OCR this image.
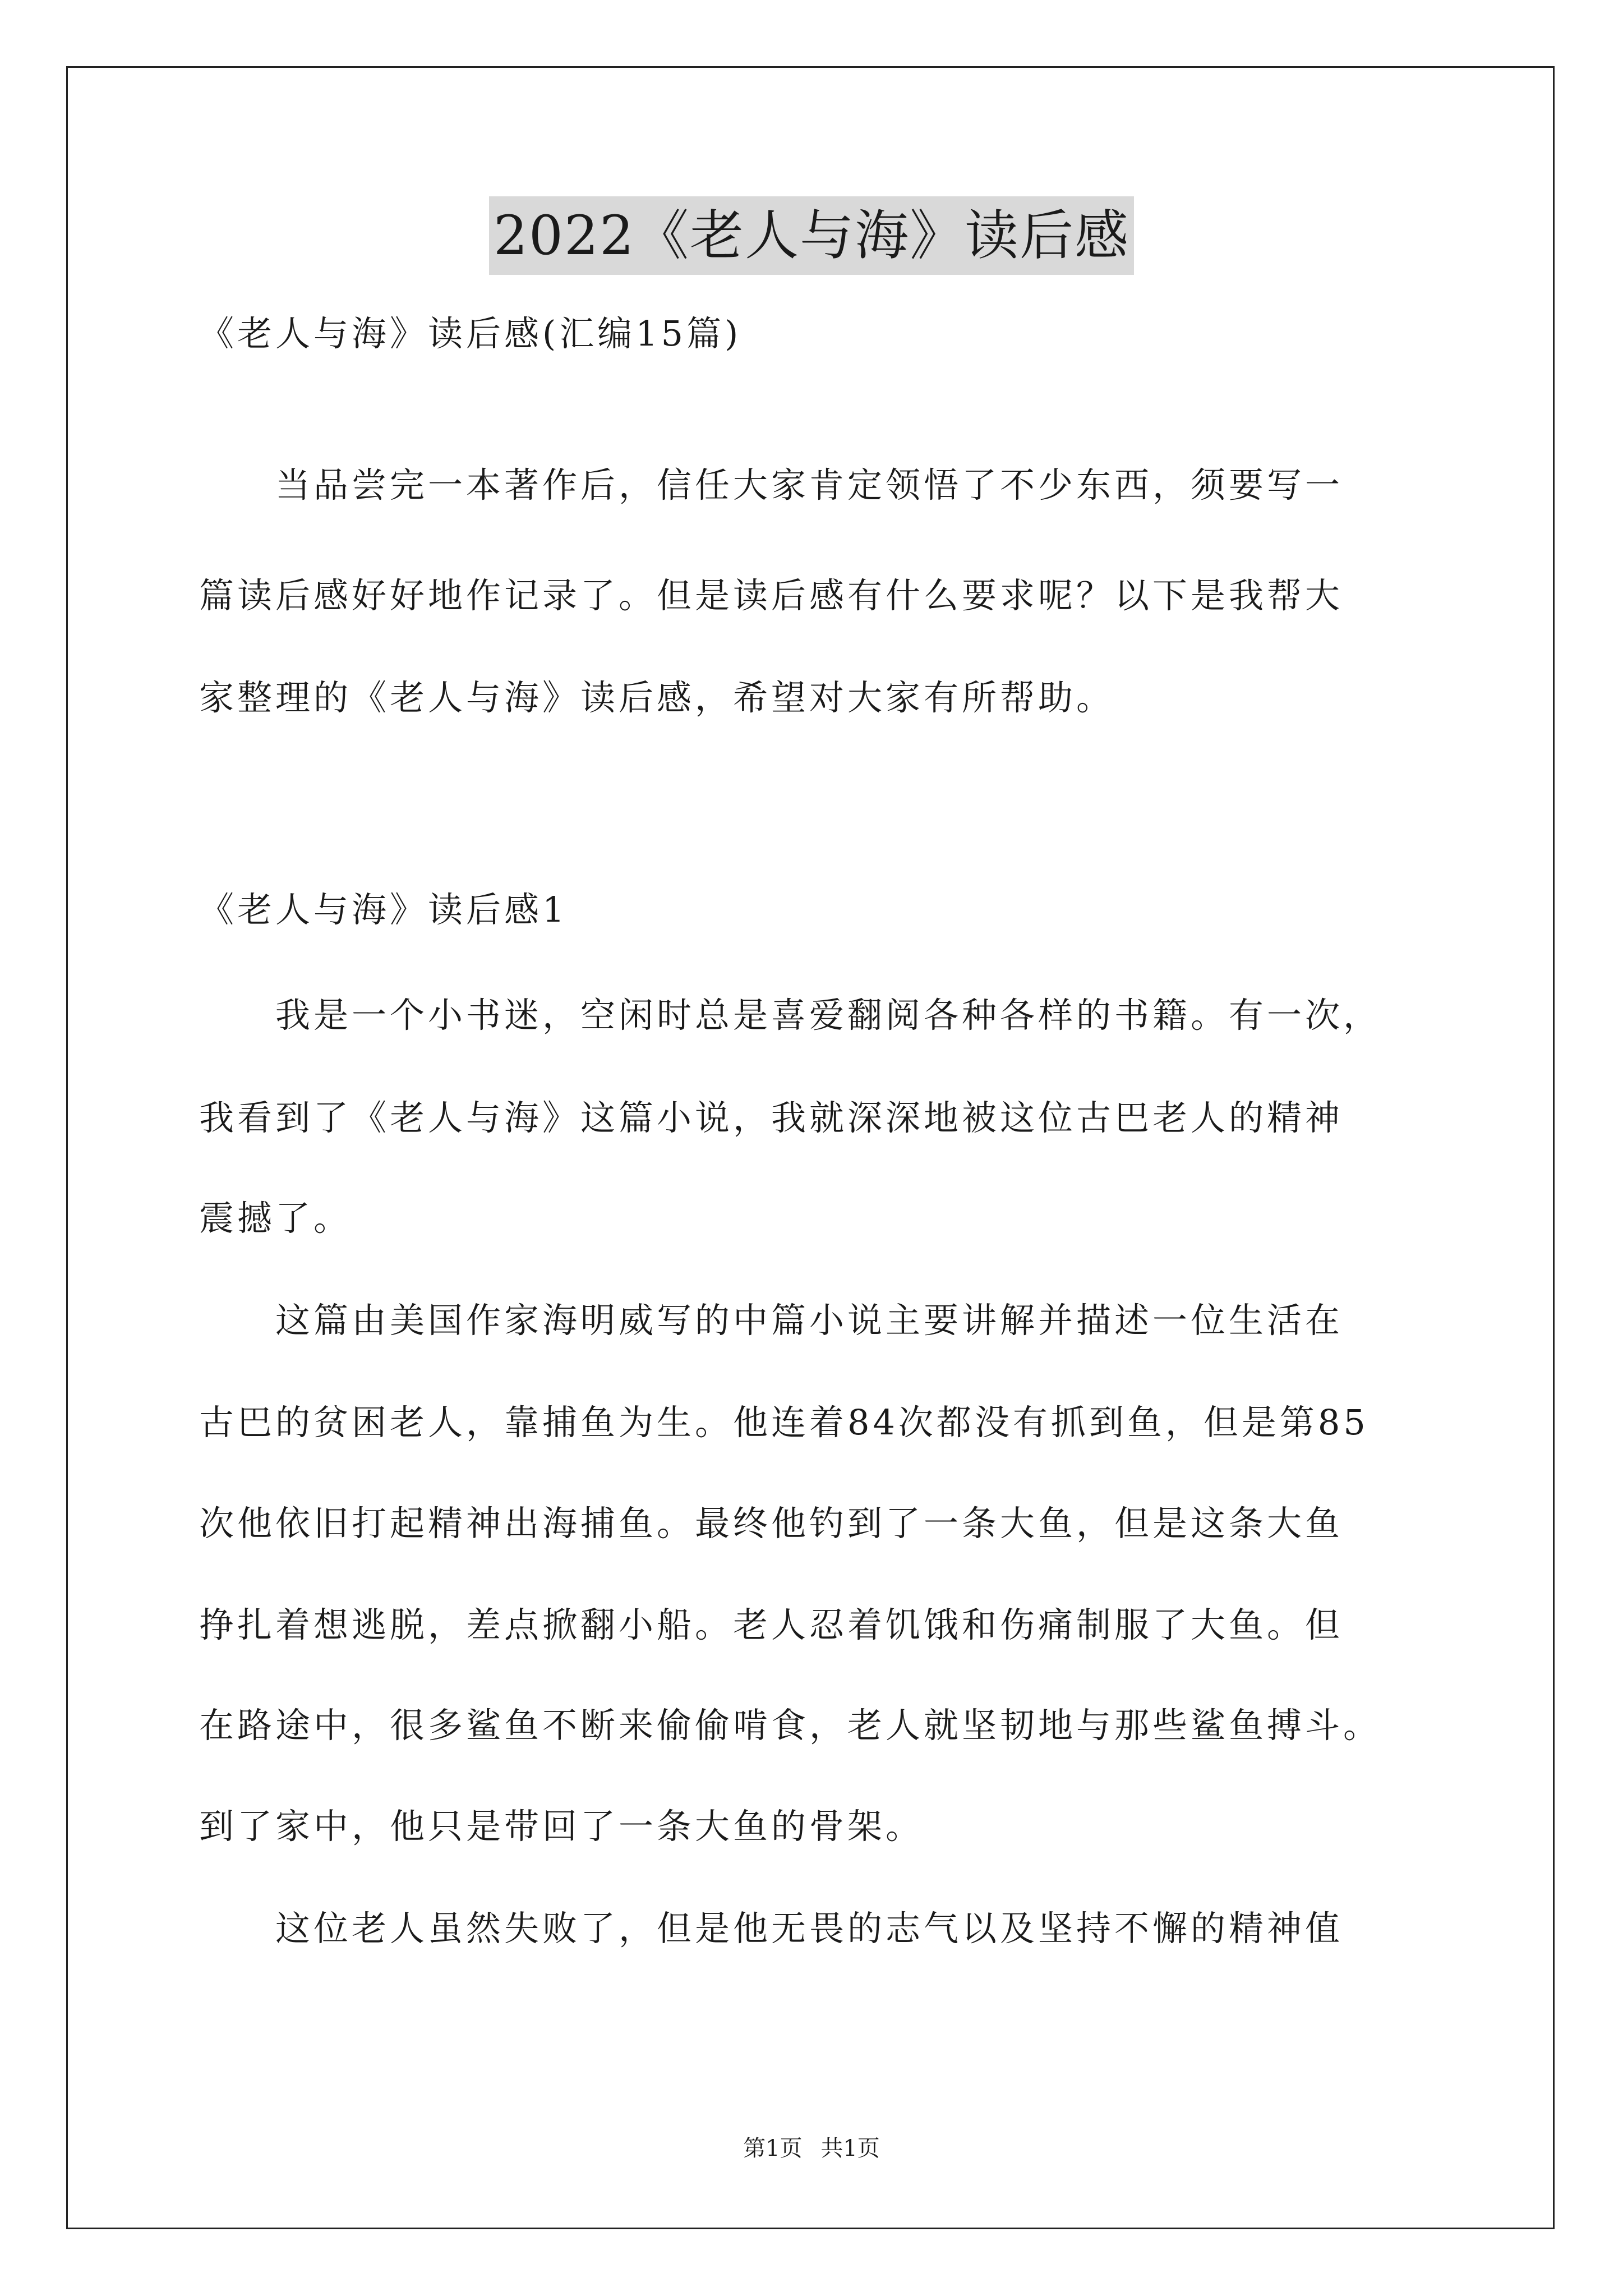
2022《老人与海》读后感
《老人与海》读后感(汇编15篇)
　　当品尝完一本著作后，信任大家肯定领悟了不少东西，须要写一
篇读后感好好地作记录了。但是读后感有什么要求呢？以下是我帮大
家整理的《老人与海》读后感，希望对大家有所帮助。
《老人与海》读后感1
　　我是一个小书迷，空闲时总是喜爱翻阅各种各样的书籍。有一次，
我看到了《老人与海》这篇小说，我就深深地被这位古巴老人的精神
震撼了。
　　这篇由美国作家海明威写的中篇小说主要讲解并描述一位生活在
古巴的贫困老人，靠捕鱼为生。他连着84次都没有抓到鱼，但是第85
次他依旧打起精神出海捕鱼。最终他钓到了一条大鱼，但是这条大鱼
挣扎着想逃脱，差点掀翻小船。老人忍着饥饿和伤痛制服了大鱼。但
在路途中，很多鲨鱼不断来偷偷啃食，老人就坚韧地与那些鲨鱼搏斗。
到了家中，他只是带回了一条大鱼的骨架。
　　这位老人虽然失败了，但是他无畏的志气以及坚持不懈的精神值
第1页 共1页
